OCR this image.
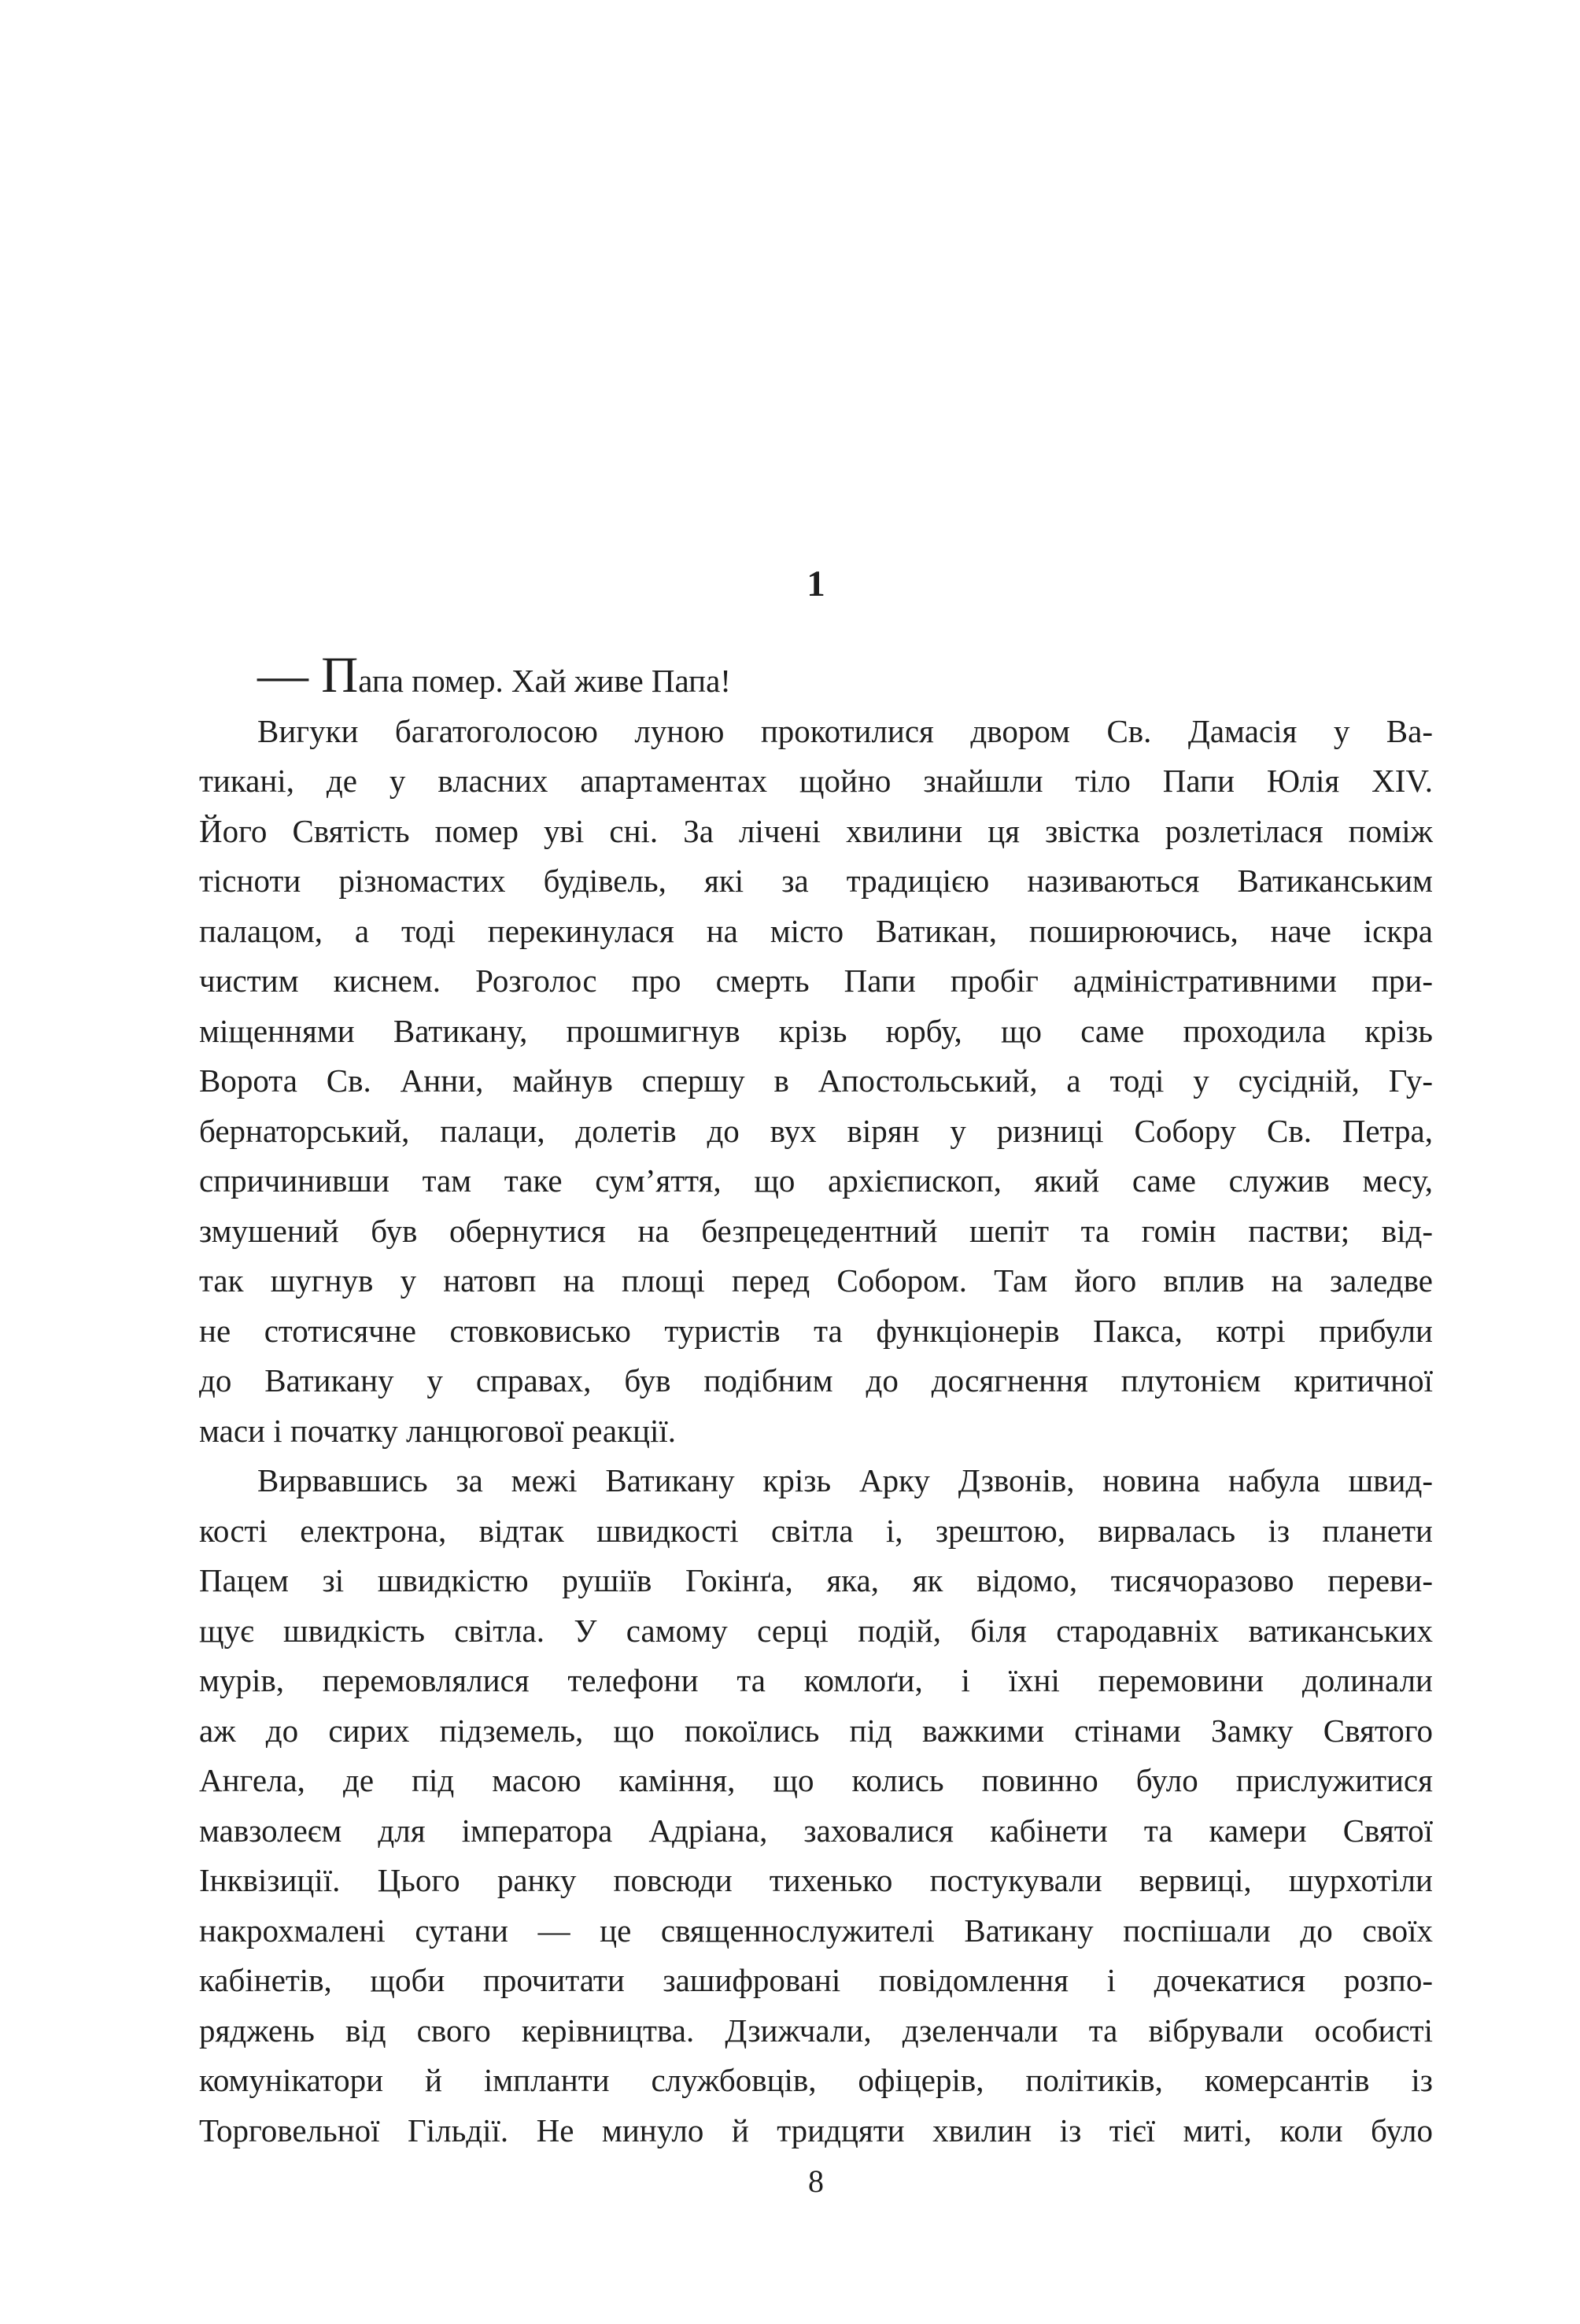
1
— Папа помер. Хай живе Папа!
Вигуки багатоголосою луною прокотилися двором Св. Дамасія у Ва-
тикані, де у власних апартаментах щойно знайшли тіло Папи Юлія XIV.
Його Святість помер уві сні. За лічені хвилини ця звістка розлетілася поміж
тісноти різномастих будівель, які за традицією називаються Ватиканським
палацом, а тоді перекинулася на місто Ватикан, поширюючись, наче іскра
чистим киснем. Розголос про смерть Папи пробіг адміністративними при-
міщеннями Ватикану, прошмигнув крізь юрбу, що саме проходила крізь
Ворота Св. Анни, майнув спершу в Апостольський, а тоді у сусідній, Гу-
бернаторський, палаци, долетів до вух вірян у ризниці Собору Св. Петра,
спричинивши там таке сум’яття, що архієпископ, який саме служив месу,
змушений був обернутися на безпрецедентний шепіт та гомін пастви; від-
так шугнув у натовп на площі перед Собором. Там його вплив на заледве
не стотисячне стовковисько туристів та функціонерів Пакса, котрі прибули
до Ватикану у справах, був подібним до досягнення плутонієм критичної
маси і початку ланцюгової реакції.
Вирвавшись за межі Ватикану крізь Арку Дзвонів, новина набула швид-
кості електрона, відтак швидкості світла і, зрештою, вирвалась із планети
Пацем зі швидкістю рушіїв Гокінґа, яка, як відомо, тисячоразово переви-
щує швидкість світла. У самому серці подій, біля стародавніх ватиканських
мурів, перемовлялися телефони та комлоґи, і їхні перемовини долинали
аж до сирих підземель, що покоїлись під важкими стінами Замку Святого
Ангела, де під масою каміння, що колись повинно було прислужитися
мавзолеєм для імператора Адріана, заховалися кабінети та камери Святої
Інквізиції. Цього ранку повсюди тихенько постукували вервиці, шурхотіли
накрохмалені сутани — це священнослужителі Ватикану поспішали до своїх
кабінетів, щоби прочитати зашифровані повідомлення і дочекатися розпо-
ряджень від свого керівництва. Дзижчали, дзеленчали та вібрували особисті
комунікатори й імпланти службовців, офіцерів, політиків, комерсантів із
Торговельної Гільдії. Не минуло й тридцяти хвилин із тієї миті, коли було
8
